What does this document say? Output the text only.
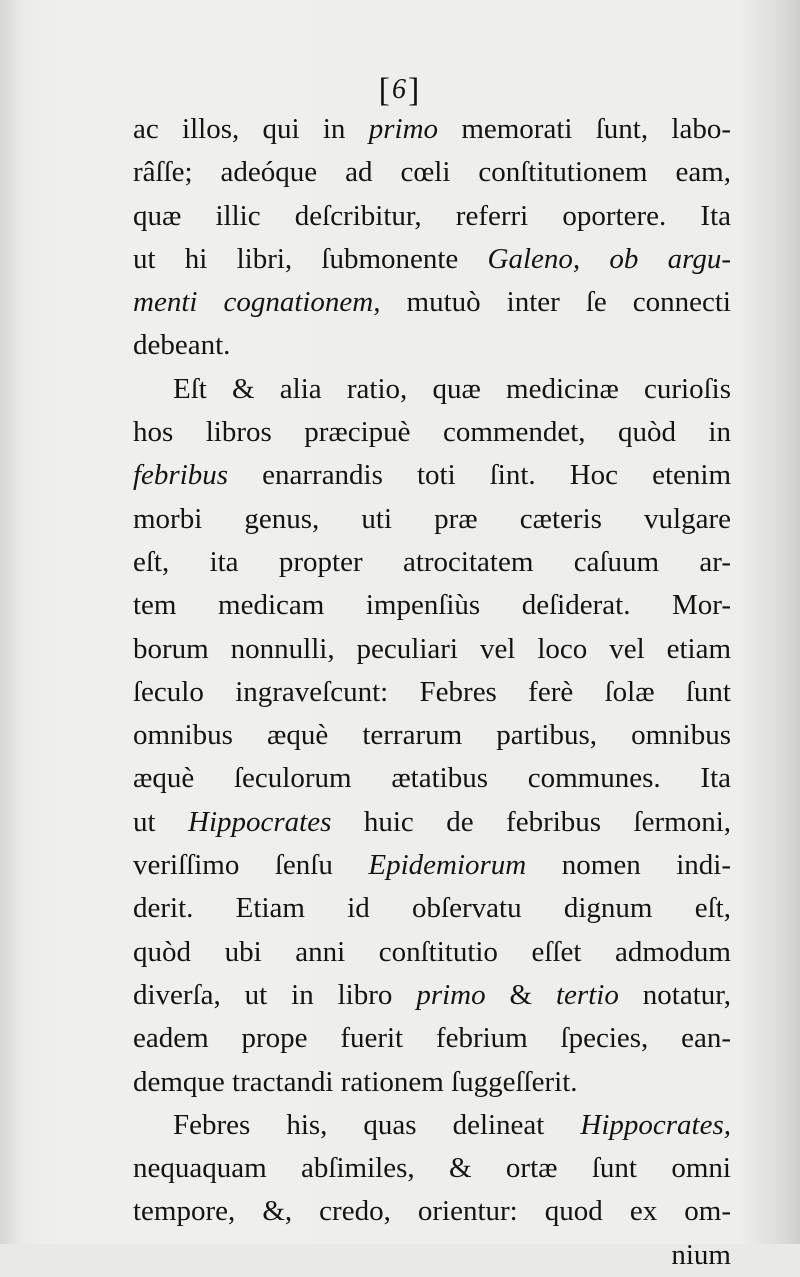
[6]
ac illos, qui in primo memorati ſunt, labo-
râſſe; adeóque ad cœli conſtitutionem eam,
quæ illic deſcribitur, referri oportere. Ita
ut hi libri, ſubmonente Galeno, ob argu-
menti cognationem, mutuò inter ſe connecti
debeant.
Eſt & alia ratio, quæ medicinæ curioſis
hos libros præcipuè commendet, quòd in
febribus enarrandis toti ſint. Hoc etenim
morbi genus, uti præ cæteris vulgare
eſt, ita propter atrocitatem caſuum ar-
tem medicam impenſiùs deſiderat. Mor-
borum nonnulli, peculiari vel loco vel etiam
ſeculo ingraveſcunt: Febres ferè ſolæ ſunt
omnibus æquè terrarum partibus, omnibus
æquè ſeculorum ætatibus communes. Ita
ut Hippocrates huic de febribus ſermoni,
veriſſimo ſenſu Epidemiorum nomen indi-
derit. Etiam id obſervatu dignum eſt,
quòd ubi anni conſtitutio eſſet admodum
diverſa, ut in libro primo & tertio notatur,
eadem prope fuerit febrium ſpecies, ean-
demque tractandi rationem ſuggeſſerit.
Febres his, quas delineat Hippocrates,
nequaquam abſimiles, & ortæ ſunt omni
tempore, &, credo, orientur: quod ex om-
nium
